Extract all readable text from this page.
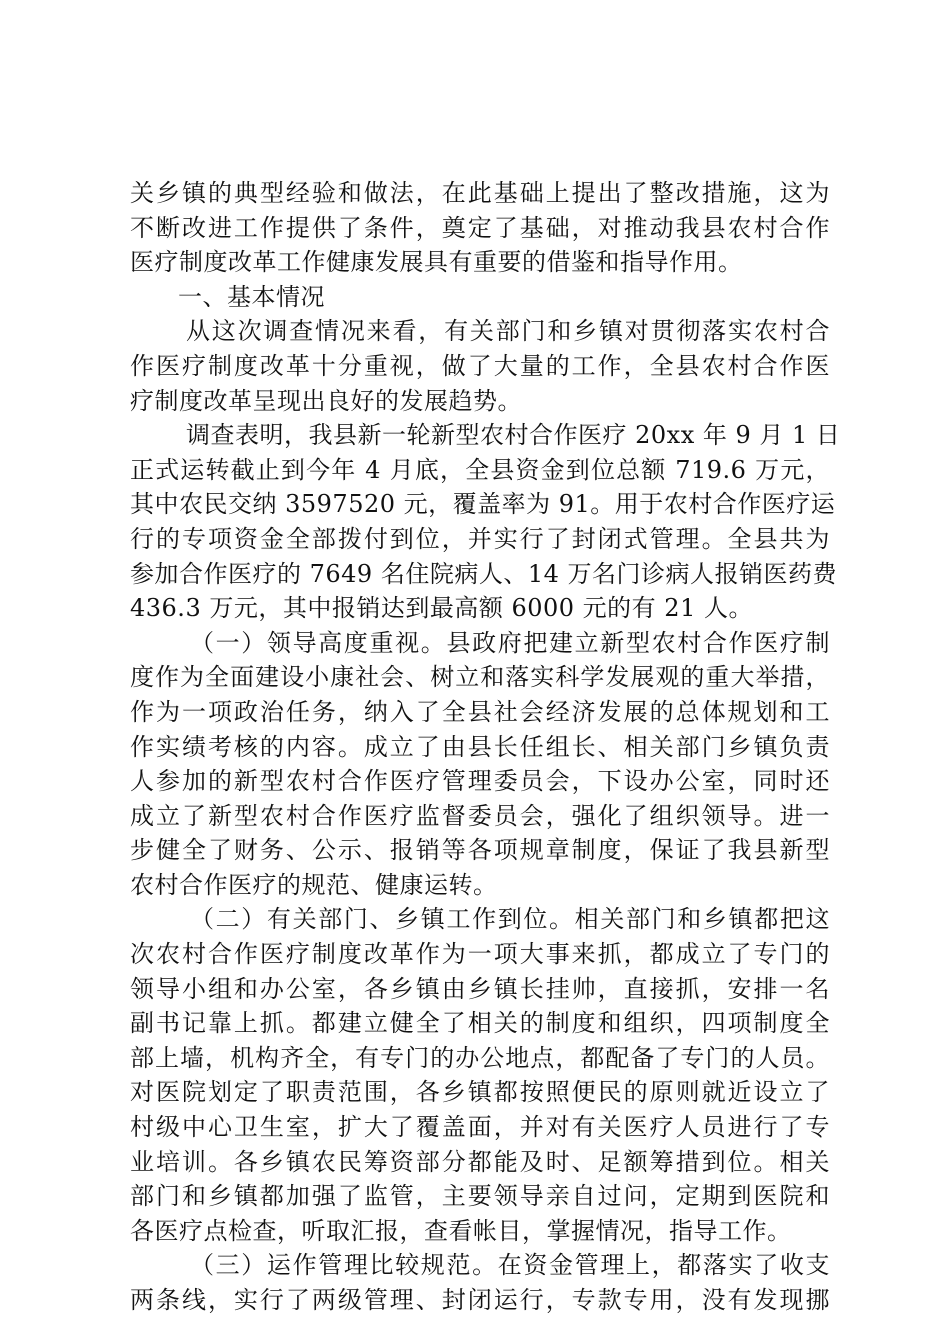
关乡镇的典型经验和做法，在此基础上提出了整改措施，这为
不断改进工作提供了条件，奠定了基础，对推动我县农村合作
医疗制度改革工作健康发展具有重要的借鉴和指导作用。
一、基本情况
从这次调查情况来看，有关部门和乡镇对贯彻落实农村合
作医疗制度改革十分重视，做了大量的工作，全县农村合作医
疗制度改革呈现出良好的发展趋势。
调查表明，我县新一轮新型农村合作医疗 20xx 年 9 月 1 日
正式运转截止到今年 4 月底，全县资金到位总额 719.6 万元，
其中农民交纳 3597520 元，覆盖率为 91。用于农村合作医疗运
行的专项资金全部拨付到位，并实行了封闭式管理。全县共为
参加合作医疗的 7649 名住院病人、14 万名门诊病人报销医药费
436.3 万元，其中报销达到最高额 6000 元的有 21 人。
（一）领导高度重视。县政府把建立新型农村合作医疗制
度作为全面建设小康社会、树立和落实科学发展观的重大举措，
作为一项政治任务，纳入了全县社会经济发展的总体规划和工
作实绩考核的内容。成立了由县长任组长、相关部门乡镇负责
人参加的新型农村合作医疗管理委员会，下设办公室，同时还
成立了新型农村合作医疗监督委员会，强化了组织领导。进一
步健全了财务、公示、报销等各项规章制度，保证了我县新型
农村合作医疗的规范、健康运转。
（二）有关部门、乡镇工作到位。相关部门和乡镇都把这
次农村合作医疗制度改革作为一项大事来抓，都成立了专门的
领导小组和办公室，各乡镇由乡镇长挂帅，直接抓，安排一名
副书记靠上抓。都建立健全了相关的制度和组织，四项制度全
部上墙，机构齐全，有专门的办公地点，都配备了专门的人员。
对医院划定了职责范围，各乡镇都按照便民的原则就近设立了
村级中心卫生室，扩大了覆盖面，并对有关医疗人员进行了专
业培训。各乡镇农民筹资部分都能及时、足额筹措到位。相关
部门和乡镇都加强了监管，主要领导亲自过问，定期到医院和
各医疗点检查，听取汇报，查看帐目，掌握情况，指导工作。
（三）运作管理比较规范。在资金管理上，都落实了收支
两条线，实行了两级管理、封闭运行，专款专用，没有发现挪
